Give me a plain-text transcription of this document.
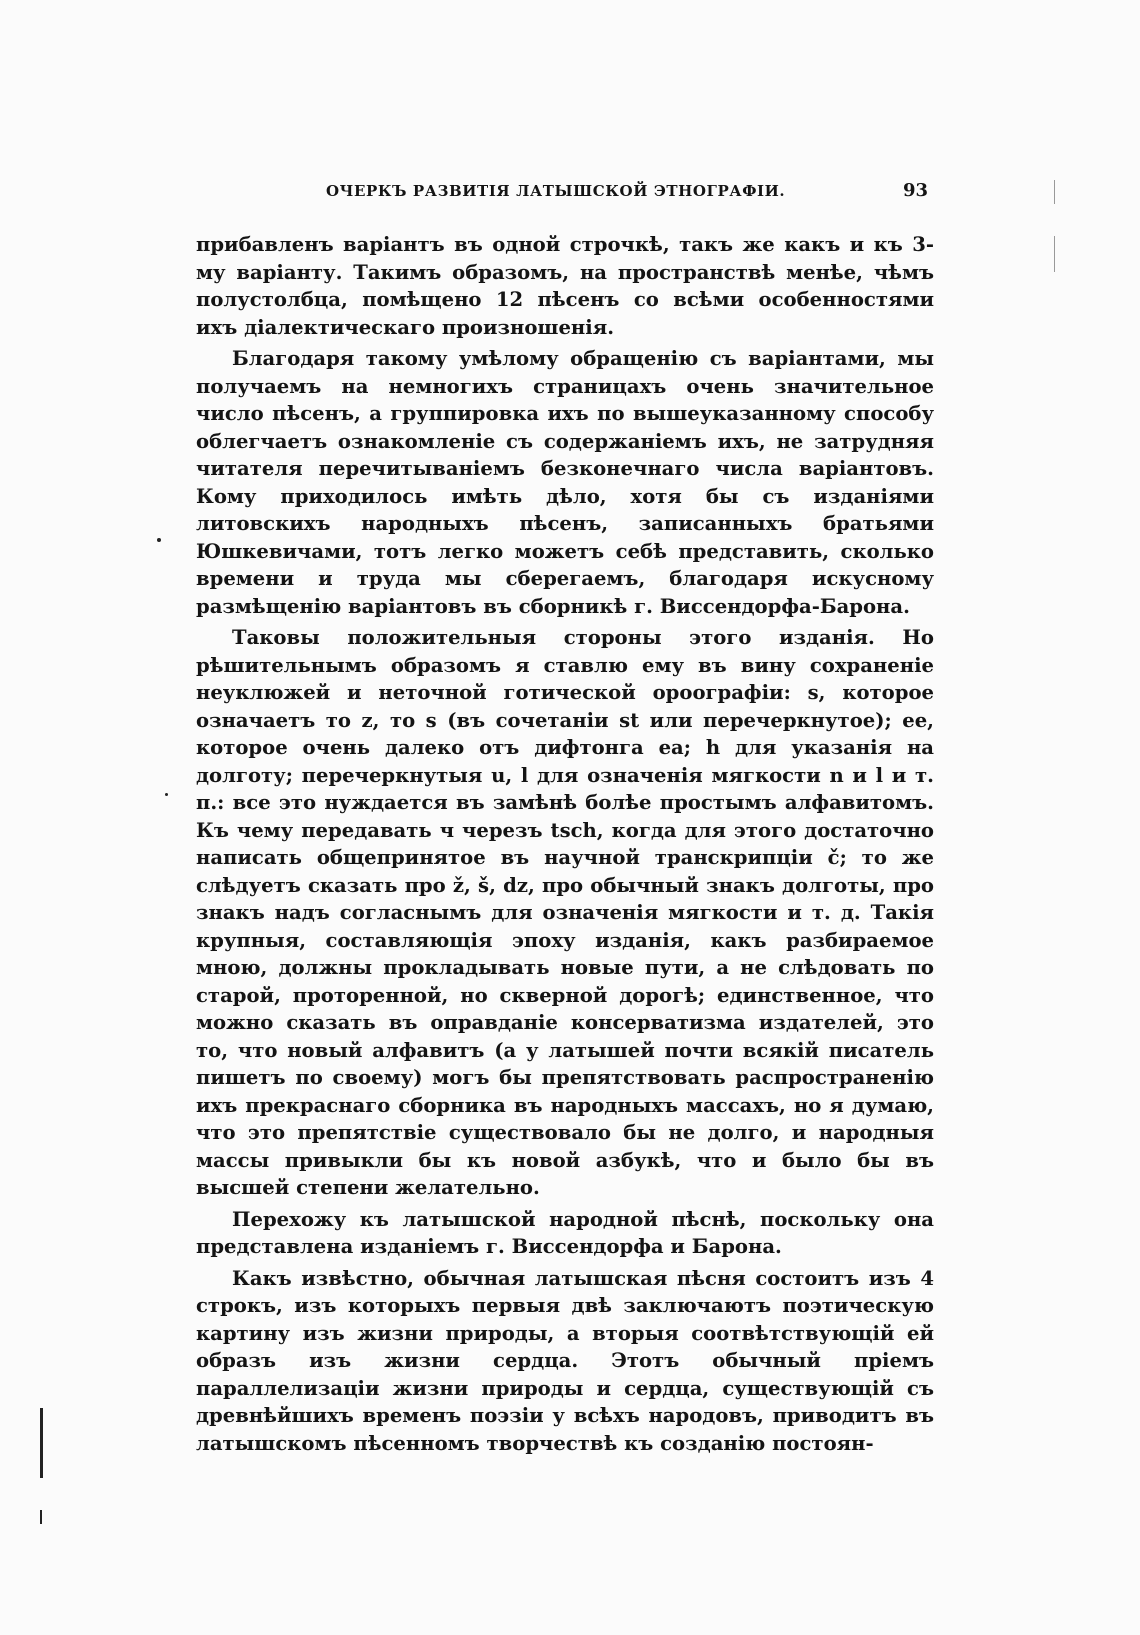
ОЧЕРКЪ РАЗВИТІЯ ЛАТЫШСКОЙ ЭТНОГРАФІИ.	93

прибавленъ варіантъ въ одной строчкѣ, такъ же какъ и къ 3-му варіанту. Такимъ образомъ, на пространствѣ менѣе, чѣмъ полустолбца, помѣщено 12 пѣсенъ со всѣми особенностями ихъ діалектическаго произношенія.

Благодаря такому умѣлому обращенію съ варіантами, мы получаемъ на немногихъ страницахъ очень значительное число пѣсенъ, а группировка ихъ по вышеуказанному способу облегчаетъ ознакомленіе съ содержаніемъ ихъ, не затрудняя читателя перечитываніемъ безконечнаго числа варіантовъ. Кому приходилось имѣть дѣло, хотя бы съ изданіями литовскихъ народныхъ пѣсенъ, записанныхъ братьями Юшкевичами, тотъ легко можетъ себѣ представить, сколько времени и труда мы сберегаемъ, благодаря искусному размѣщенію варіантовъ въ сборникѣ г. Виссендорфа-Барона.

Таковы положительныя стороны этого изданія. Но рѣшительнымъ образомъ я ставлю ему въ вину сохраненіе неуклюжей и неточной готической ороографіи: s, которое означаетъ то z, то s (въ сочетаніи st или перечеркнутое); ee, которое очень далеко отъ дифтонга ea; h для указанія на долготу; перечеркнутыя u, l для означенія мягкости n и l и т. п.: все это нуждается въ замѣнѣ болѣе простымъ алфавитомъ. Къ чему передавать ч черезъ tsch, когда для этого достаточно написать общепринятое въ научной транскрипціи č; то же слѣдуетъ сказать про ž, š, dz, про обычный знакъ долготы, про знакъ надъ согласнымъ для означенія мягкости и т. д. Такія крупныя, составляющія эпоху изданія, какъ разбираемое мною, должны прокладывать новые пути, а не слѣдовать по старой, проторенной, но скверной дорогѣ; единственное, что можно сказать въ оправданіе консерватизма издателей, это то, что новый алфавитъ (а у латышей почти всякій писатель пишетъ по своему) могъ бы препятствовать распространенію ихъ прекраснаго сборника въ народныхъ массахъ, но я думаю, что это препятствіе существовало бы не долго, и народныя массы привыкли бы къ новой азбукѣ, что и было бы въ высшей степени желательно.

Перехожу къ латышской народной пѣснѣ, поскольку она представлена изданіемъ г. Виссендорфа и Барона.

Какъ извѣстно, обычная латышская пѣсня состоитъ изъ 4 строкъ, изъ которыхъ первыя двѣ заключаютъ поэтическую картину изъ жизни природы, а вторыя соотвѣтствующій ей образъ изъ жизни сердца. Этотъ обычный пріемъ параллелизаціи жизни природы и сердца, существующій съ древнѣйшихъ временъ поэзіи у всѣхъ народовъ, приводитъ въ латышскомъ пѣсенномъ творчествѣ къ созданію постоян-
